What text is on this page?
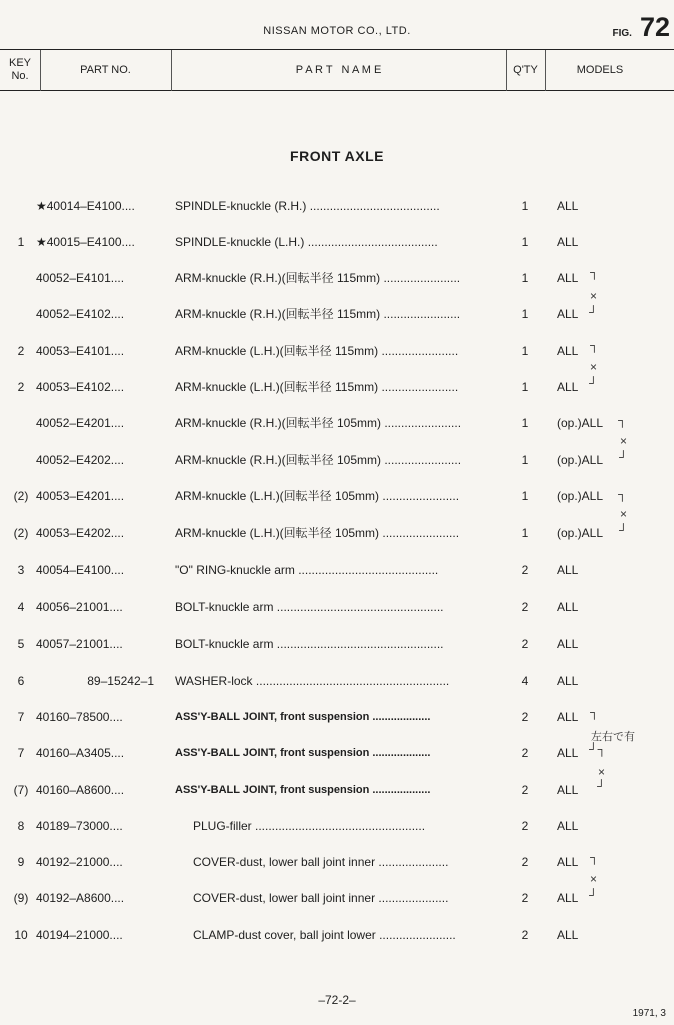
NISSAN MOTOR CO., LTD.	FIG. 72
KEY
No.	PART NO.	P A R T   N A M E	Q'TY	MODELS
FRONT AXLE
★40014–E4100....	SPINDLE-knuckle (R.H.) .......................................	1	ALL
1 ★40015–E4100....	SPINDLE-knuckle (L.H.) .......................................	1	ALL
40052–E4101....	ARM-knuckle (R.H.)(回転半径 115mm) .......................	1	ALL
40052–E4102....	ARM-knuckle (R.H.)(回転半径 115mm) .......................	1	ALL
2 40053–E4101....	ARM-knuckle (L.H.)(回転半径 115mm) .......................	1	ALL
2 40053–E4102....	ARM-knuckle (L.H.)(回転半径 115mm) .......................	1	ALL
40052–E4201....	ARM-knuckle (R.H.)(回転半径 105mm) .......................	1	(op.)ALL
40052–E4202....	ARM-knuckle (R.H.)(回転半径 105mm) .......................	1	(op.)ALL
(2) 40053–E4201....	ARM-knuckle (L.H.)(回転半径 105mm) .......................	1	(op.)ALL
(2) 40053–E4202....	ARM-knuckle (L.H.)(回転半径 105mm) .......................	1	(op.)ALL
3 40054–E4100....	"O" RING-knuckle arm ..........................................	2	ALL
4 40056–21001....	BOLT-knuckle arm ..................................................	2	ALL
5 40057–21001....	BOLT-knuckle arm ..................................................	2	ALL
6	89–15242–1 WASHER-lock ..........................................................	4	ALL
7 40160–78500....	ASS'Y-BALL JOINT, front suspension ...................	2	ALL
7 40160–A3405....	ASS'Y-BALL JOINT, front suspension ...................	2	ALL
(7) 40160–A8600....	ASS'Y-BALL JOINT, front suspension ...................	2	ALL
8 40189–73000....	PLUG-filler ...................................................	2	ALL
9 40192–21000....	COVER-dust, lower ball joint inner .....................	2	ALL
(9) 40192–A8600....	COVER-dust, lower ball joint inner .....................	2	ALL
10 40194–21000....	CLAMP-dust cover, ball joint lower .......................	2	ALL
┐
×
┘
┐
×
┘
┐
×
┘
┐
×
┘
┐
┘┐
×
┘
┐
×
┘
左右で有
–72-2–
1971, 3
